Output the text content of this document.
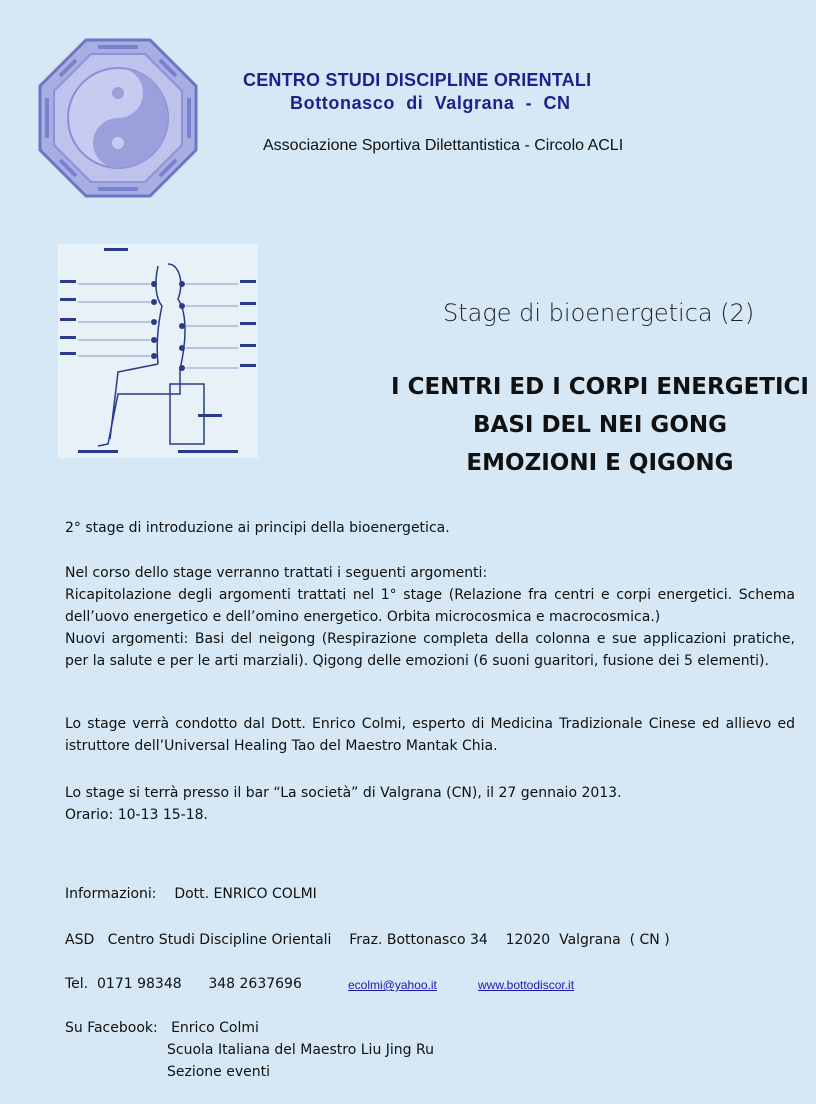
CENTRO STUDI DISCIPLINE ORIENTALI
Bottonasco  di  Valgrana  -  CN
Associazione Sportiva Dilettantistica - Circolo ACLI
Stage di bioenergetica (2)
I CENTRI ED I CORPI ENERGETICI
BASI DEL NEI GONG
EMOZIONI E QIGONG
2° stage di introduzione ai principi della bioenergetica.
Nel corso dello stage verranno trattati i seguenti argomenti:
Ricapitolazione degli argomenti trattati nel 1° stage (Relazione fra centri e corpi energetici. Schema dell’uovo energetico e dell’omino energetico. Orbita microcosmica e macrocosmica.)
Nuovi argomenti: Basi del neigong (Respirazione completa della colonna e sue applicazioni pratiche, per la salute e per le arti marziali). Qigong delle emozioni (6 suoni guaritori, fusione dei 5 elementi).
Lo stage verrà condotto dal Dott. Enrico Colmi, esperto di Medicina Tradizionale Cinese ed allievo ed istruttore dell’Universal Healing Tao del Maestro Mantak Chia.
Lo stage si terrà presso il bar “La società” di Valgrana (CN), il 27 gennaio 2013.
Orario: 10-13 15-18.
Informazioni: Dott. ENRICO COLMI
ASD   Centro Studi Discipline Orientali    Fraz. Bottonasco 34    12020  Valgrana  ( CN )
Tel.  0171 98348      348 2637696	ecolmi@yahoo.it	www.bottodiscor.it
Su Facebook: Enrico Colmi
Scuola Italiana del Maestro Liu Jing Ru
Sezione eventi
